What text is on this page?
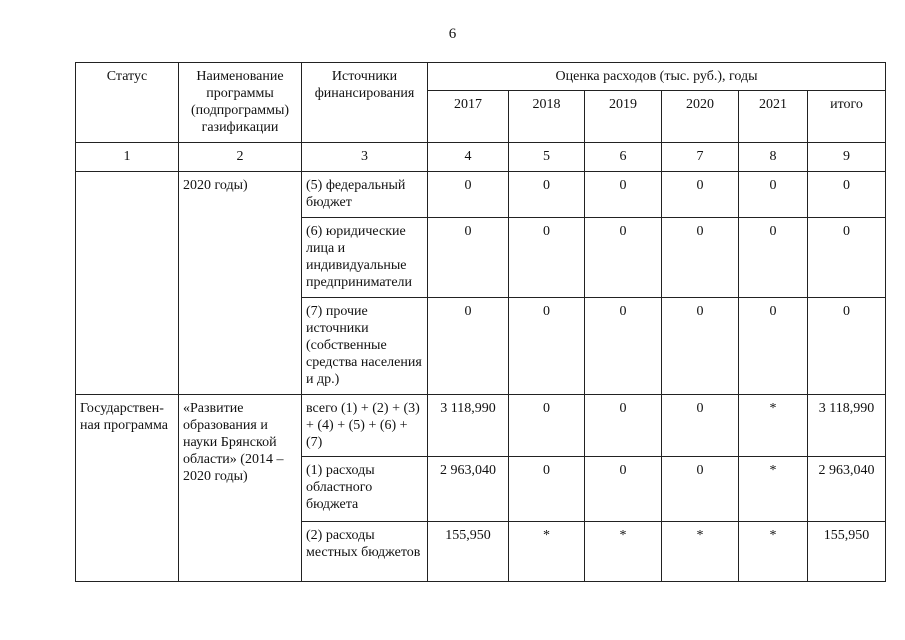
6
Статус	Наименование программы (подпрограммы) газификации	Источники финансирования	Оценка расходов (тыс. руб.), годы					
			2017	2018	2019	2020	2021	итого
1	2	3	4	5	6	7	8	9
	2020 годы)	(5) федеральный бюджет	0	0	0	0	0	0
		(6) юридические лица и индивидуальные предприниматели	0	0	0	0	0	0
		(7) прочие источники (собственные средства населения и др.)	0	0	0	0	0	0
Государствен-ная программа	«Развитие образования и науки Брянской области» (2014 – 2020 годы)	всего (1) + (2) + (3) + (4) + (5) + (6) + (7)	3 118,990	0	0	0	*	3 118,990
		(1) расходы областного бюджета	2 963,040	0	0	0	*	2 963,040
		(2) расходы местных бюджетов	155,950	*	*	*	*	155,950
